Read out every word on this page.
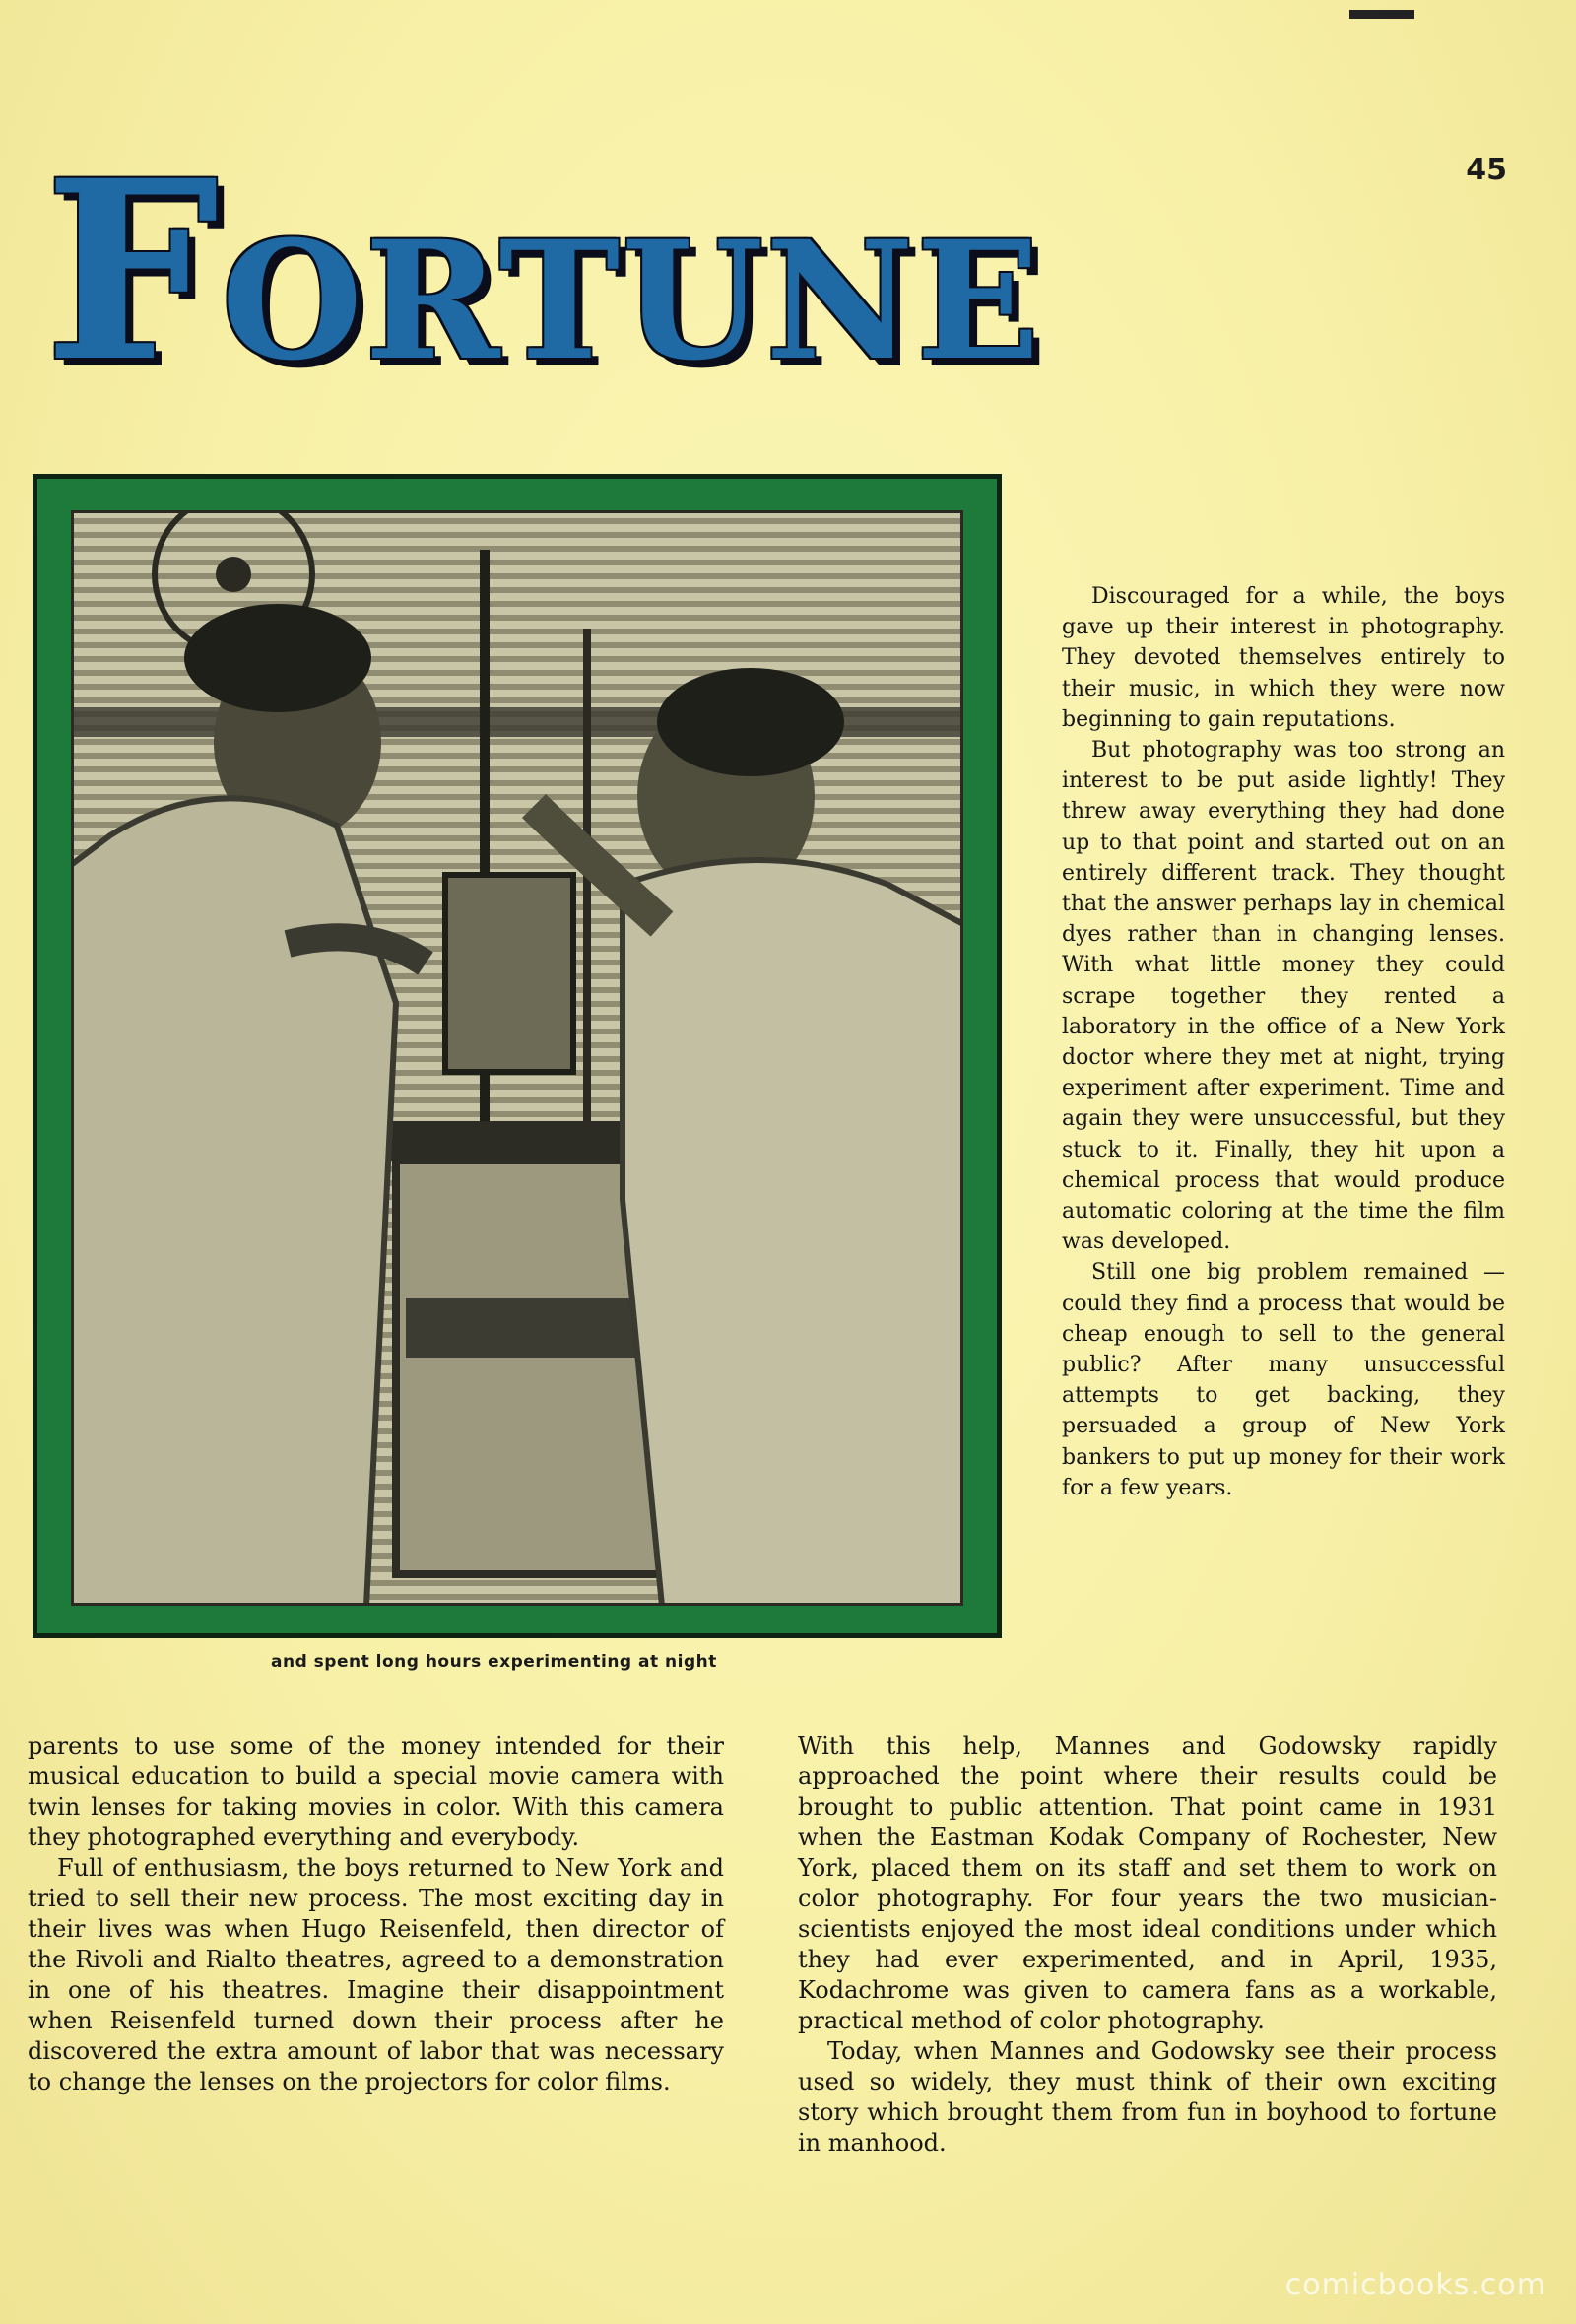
45
FORTUNE
and spent long hours experimenting at night

Discouraged for a while, the boys gave up their interest in photography. They devoted themselves entirely to their music, in which they were now beginning to gain reputations.

But photography was too strong an interest to be put aside lightly! They threw away everything they had done up to that point and started out on an entirely different track. They thought that the answer perhaps lay in chemical dyes rather than in changing lenses. With what little money they could scrape together they rented a laboratory in the office of a New York doctor where they met at night, trying experiment after experiment. Time and again they were unsuccessful, but they stuck to it. Finally, they hit upon a chemical process that would produce automatic coloring at the time the film was developed.

Still one big problem remained — could they find a process that would be cheap enough to sell to the general public? After many unsuccessful attempts to get backing, they persuaded a group of New York bankers to put up money for their work for a few years.

parents to use some of the money intended for their musical education to build a special movie camera with twin lenses for taking movies in color. With this camera they photographed everything and everybody.

Full of enthusiasm, the boys returned to New York and tried to sell their new process. The most exciting day in their lives was when Hugo Reisenfeld, then director of the Rivoli and Rialto theatres, agreed to a demonstration in one of his theatres. Imagine their disappointment when Reisenfeld turned down their process after he discovered the extra amount of labor that was necessary to change the lenses on the projectors for color films.

With this help, Mannes and Godowsky rapidly approached the point where their results could be brought to public attention. That point came in 1931 when the Eastman Kodak Company of Rochester, New York, placed them on its staff and set them to work on color photography. For four years the two musician-scientists enjoyed the most ideal conditions under which they had ever experimented, and in April, 1935, Kodachrome was given to camera fans as a workable, practical method of color photography.

Today, when Mannes and Godowsky see their process used so widely, they must think of their own exciting story which brought them from fun in boyhood to fortune in manhood.

comicbooks.com
